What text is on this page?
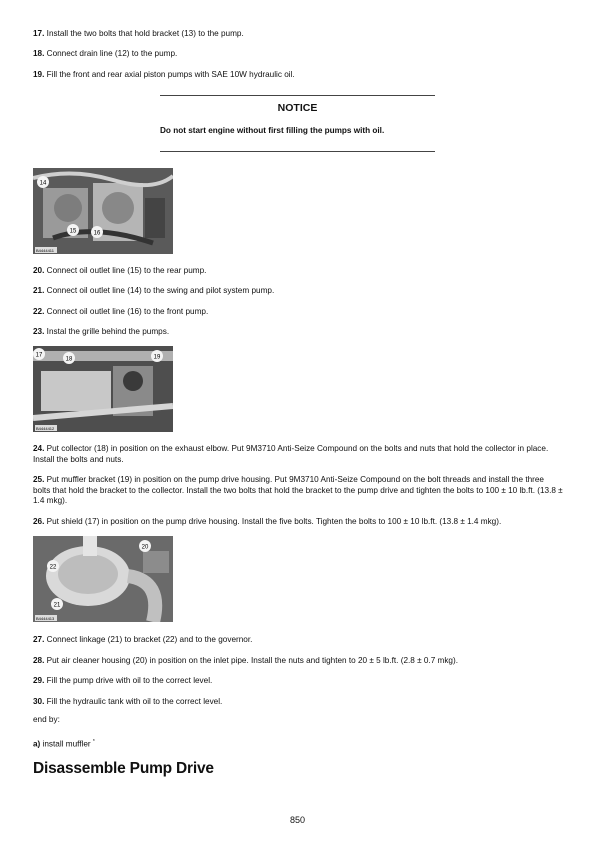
17. Install the two bolts that hold bracket (13) to the pump.

18. Connect drain line (12) to the pump.

19. Fill the front and rear axial piston pumps with SAE 10W hydraulic oil.

NOTICE

Do not start engine without first filling the pumps with oil.

14
15	16
B4444411

20. Connect oil outlet line (15) to the rear pump.

21. Connect oil outlet line (14) to the swing and pilot system pump.

22. Connect oil outlet line (16) to the front pump.

23. Instal the grille behind the pumps.

17
18	19
B4444412

24. Put collector (18) in position on the exhaust elbow. Put 9M3710 Anti-Seize Compound on the bolts and nuts that hold the collector in place. Install the bolts and nuts.

25. Put muffler bracket (19) in position on the pump drive housing. Put 9M3710 Anti-Seize Compound on the bolt threads and install the three bolts that hold the bracket to the collector. Install the two bolts that hold the bracket to the pump drive and tighten the bolts to 100 ± 10 lb.ft. (13.8 ± 1.4 mkg).

26. Put shield (17) in position on the pump drive housing. Install the five bolts. Tighten the bolts to 100 ± 10 lb.ft. (13.8 ± 1.4 mkg).

20
21
22
B4444413

27. Connect linkage (21) to bracket (22) and to the governor.

28. Put air cleaner housing (20) in position on the inlet pipe. Install the nuts and tighten to 20 ± 5 lb.ft. (2.8 ± 0.7 mkg).

29. Fill the pump drive with oil to the correct level.

30. Fill the hydraulic tank with oil to the correct level.

end by:

a) install muffler *

Disassemble Pump Drive

850
